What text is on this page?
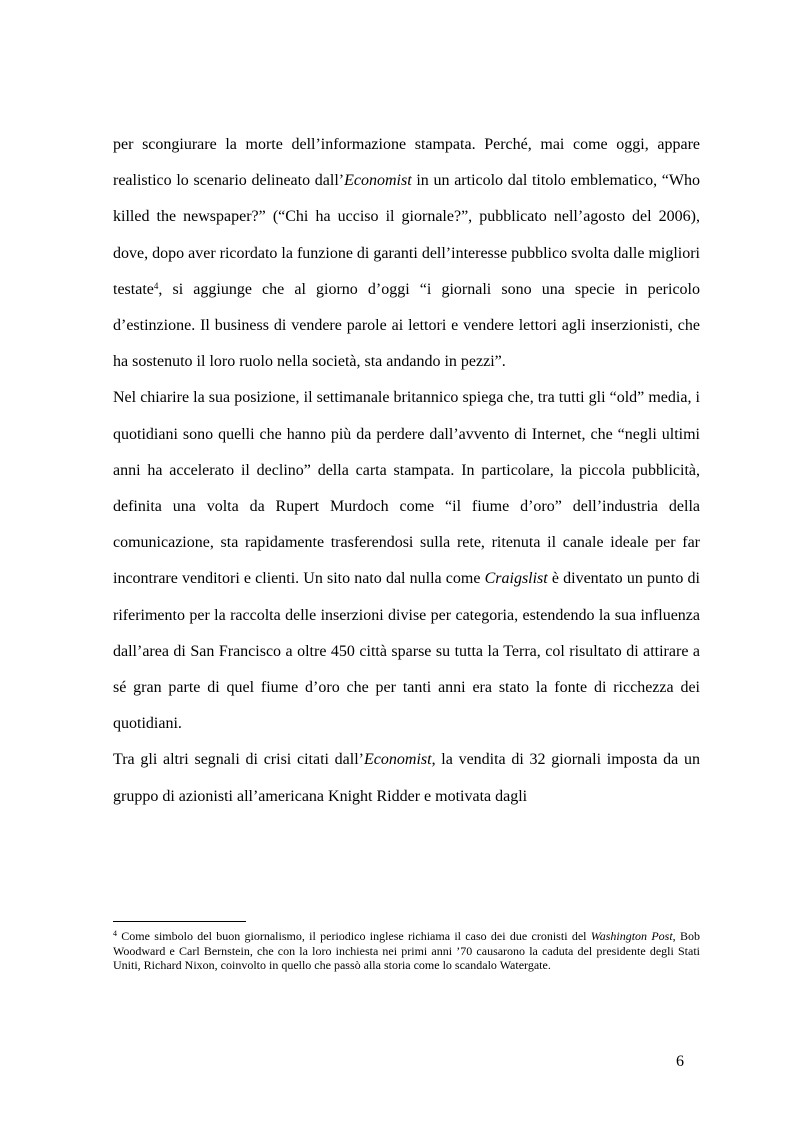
per scongiurare la morte dell’informazione stampata. Perché, mai come oggi, appare realistico lo scenario delineato dall’Economist in un articolo dal titolo emblematico, “Who killed the newspaper?” (“Chi ha ucciso il giornale?”, pubblicato nell’agosto del 2006), dove, dopo aver ricordato la funzione di garanti dell’interesse pubblico svolta dalle migliori testate$^4$, si aggiunge che al giorno d’oggi “i giornali sono una specie in pericolo d’estinzione. Il business di vendere parole ai lettori e vendere lettori agli inserzionisti, che ha sostenuto il loro ruolo nella società, sta andando in pezzi”.

Nel chiarire la sua posizione, il settimanale britannico spiega che, tra tutti gli “old” media, i quotidiani sono quelli che hanno più da perdere dall’avvento di Internet, che “negli ultimi anni ha accelerato il declino” della carta stampata. In particolare, la piccola pubblicità, definita una volta da Rupert Murdoch come “il fiume d’oro” dell’industria della comunicazione, sta rapidamente trasferendosi sulla rete, ritenuta il canale ideale per far incontrare venditori e clienti. Un sito nato dal nulla come Craigslist è diventato un punto di riferimento per la raccolta delle inserzioni divise per categoria, estendendo la sua influenza dall’area di San Francisco a oltre 450 città sparse su tutta la Terra, col risultato di attirare a sé gran parte di quel fiume d’oro che per tanti anni era stato la fonte di ricchezza dei quotidiani.

Tra gli altri segnali di crisi citati dall’Economist, la vendita di 32 giornali imposta da un gruppo di azionisti all’americana Knight Ridder e motivata dagli

$^4$ Come simbolo del buon giornalismo, il periodico inglese richiama il caso dei due cronisti del Washington Post, Bob Woodward e Carl Bernstein, che con la loro inchiesta nei primi anni ’70 causarono la caduta del presidente degli Stati Uniti, Richard Nixon, coinvolto in quello che passò alla storia come lo scandalo Watergate.

6
